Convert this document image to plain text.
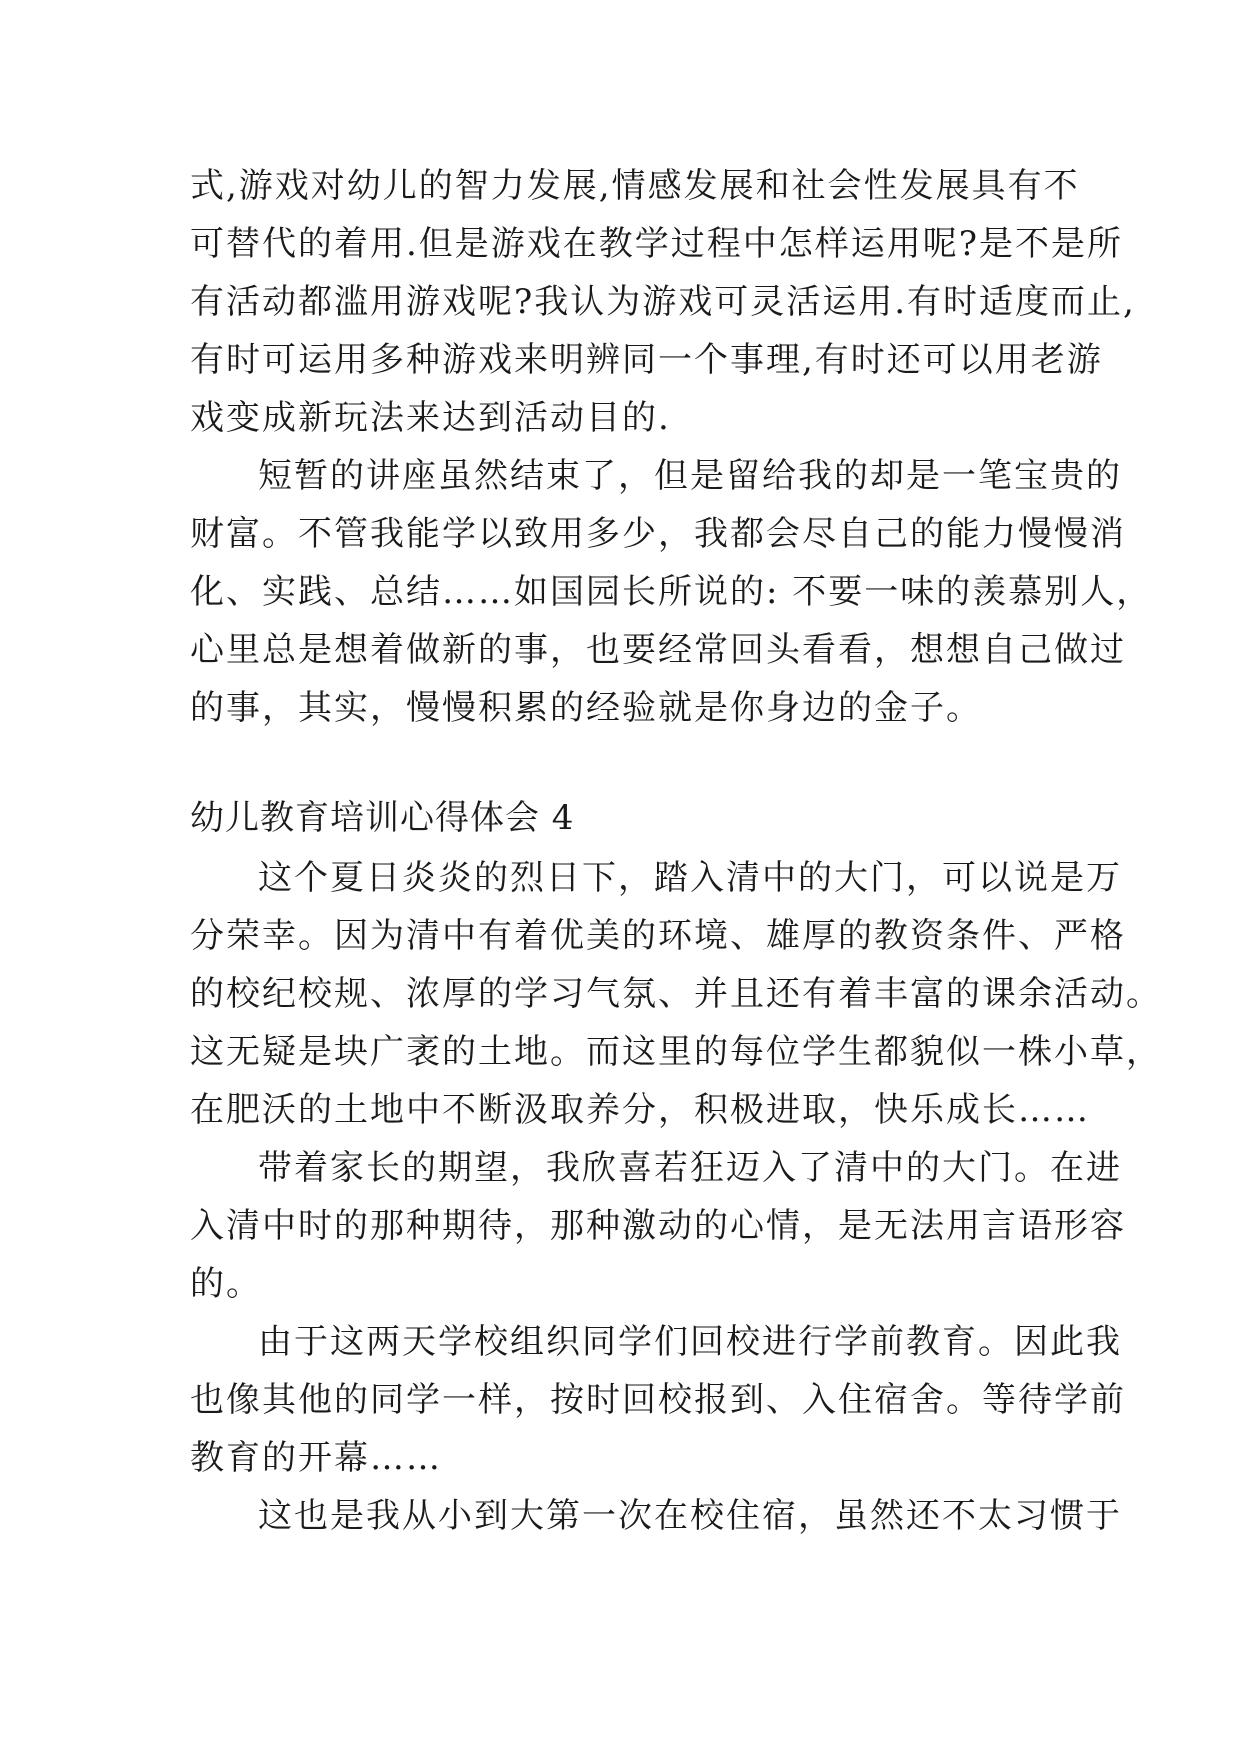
式,游戏对幼儿的智力发展,情感发展和社会性发展具有不
可替代的着用.但是游戏在教学过程中怎样运用呢?是不是所
有活动都滥用游戏呢?我认为游戏可灵活运用.有时适度而止,
有时可运用多种游戏来明辨同一个事理,有时还可以用老游
戏变成新玩法来达到活动目的.
短暂的讲座虽然结束了，但是留给我的却是一笔宝贵的
财富。不管我能学以致用多少，我都会尽自己的能力慢慢消
化、实践、总结……如国园长所说的: 不要一味的羡慕别人，
心里总是想着做新的事，也要经常回头看看，想想自己做过
的事，其实，慢慢积累的经验就是你身边的金子。
幼儿教育培训心得体会 4
这个夏日炎炎的烈日下，踏入清中的大门，可以说是万
分荣幸。因为清中有着优美的环境、雄厚的教资条件、严格
的校纪校规、浓厚的学习气氛、并且还有着丰富的课余活动。
这无疑是块广袤的土地。而这里的每位学生都貌似一株小草，
在肥沃的土地中不断汲取养分，积极进取，快乐成长……
带着家长的期望，我欣喜若狂迈入了清中的大门。在进
入清中时的那种期待，那种激动的心情，是无法用言语形容
的。
由于这两天学校组织同学们回校进行学前教育。因此我
也像其他的同学一样，按时回校报到、入住宿舍。等待学前
教育的开幕……
这也是我从小到大第一次在校住宿，虽然还不太习惯于
